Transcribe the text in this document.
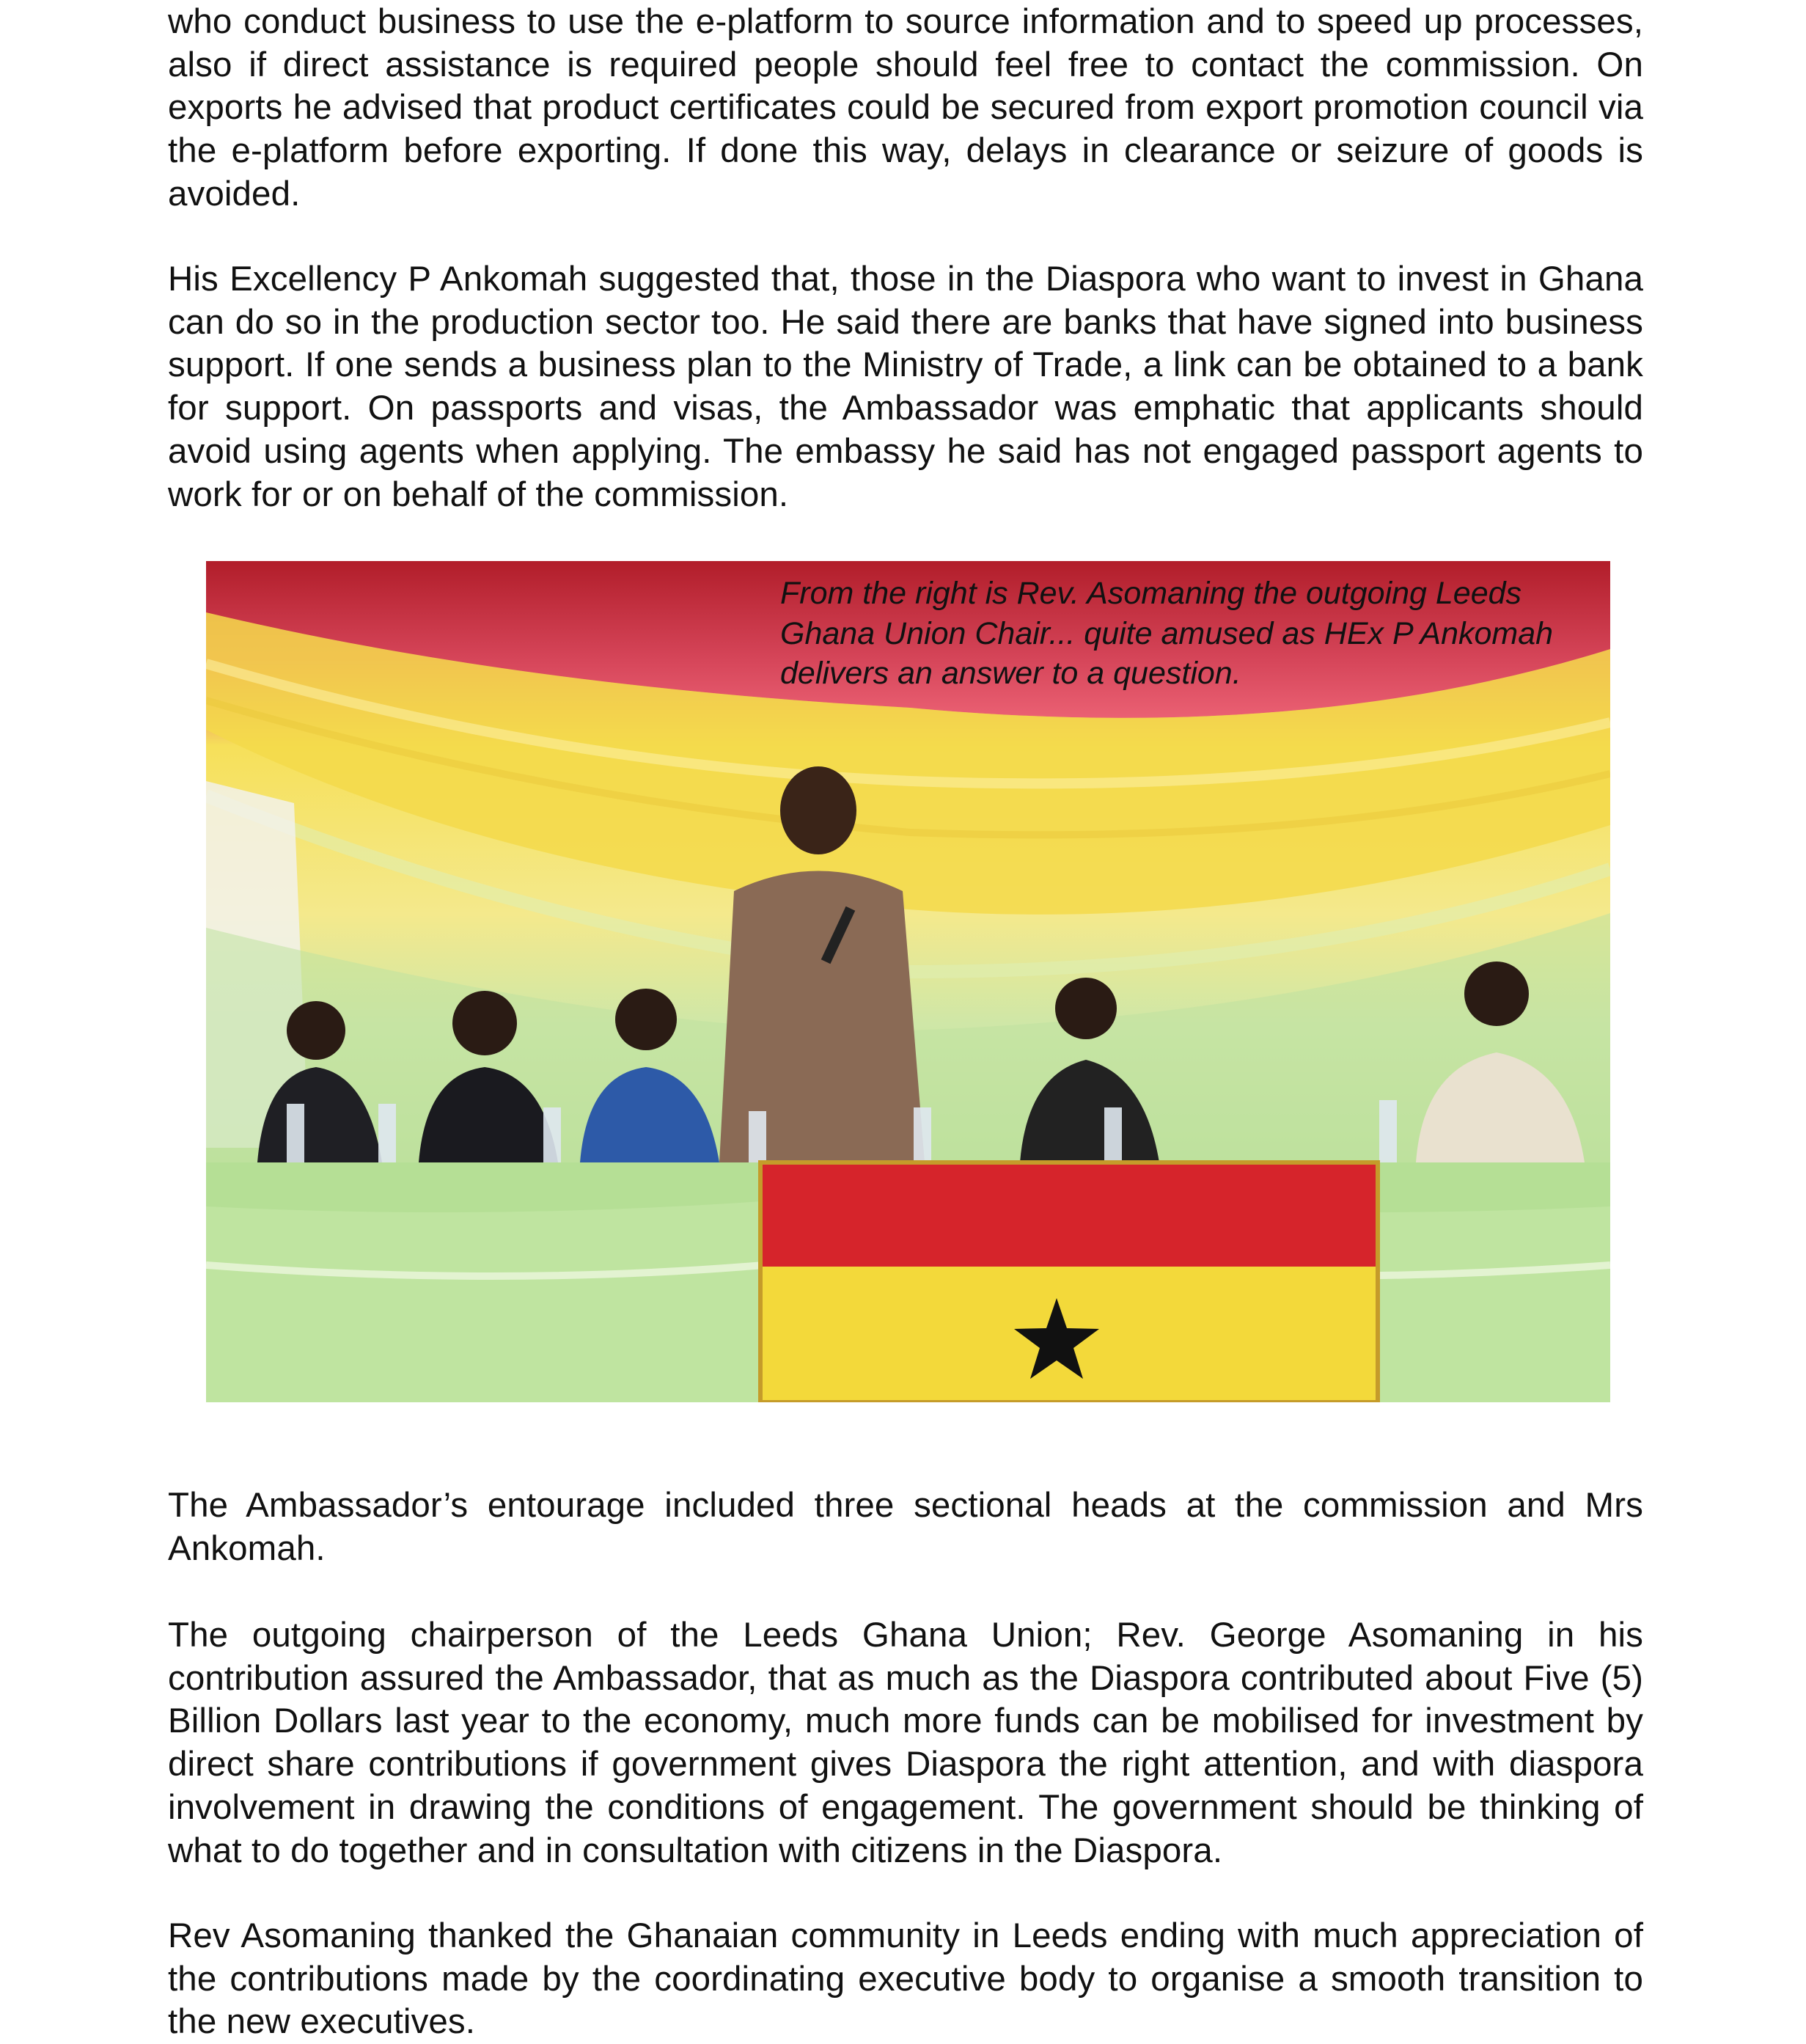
who conduct business to use the e-platform to source information and to speed up processes, also if direct assistance is required people should feel free to contact the commission. On exports he advised that product certificates could be secured from export promotion council via the e-platform before exporting. If done this way, delays in clearance or seizure of goods is avoided.

His Excellency P Ankomah suggested that, those in the Diaspora who want to invest in Ghana can do so in the production sector too. He said there are banks that have signed into business support. If one sends a business plan to the Ministry of Trade, a link can be obtained to a bank for support. On passports and visas, the Ambassador was emphatic that applicants should avoid using agents when applying. The embassy he said has not engaged passport agents to work for or on behalf of the commission.

From the right is Rev. Asomaning the outgoing Leeds Ghana Union Chair... quite amused as HEx P Ankomah delivers an answer to a question.

The Ambassador’s entourage included three sectional heads at the commission and Mrs Ankomah.

The outgoing chairperson of the Leeds Ghana Union; Rev. George Asomaning in his contribution assured the Ambassador, that as much as the Diaspora contributed about Five (5) Billion Dollars last year to the economy, much more funds can be mobilised for investment by direct share contributions if government gives Diaspora the right attention, and with diaspora involvement in drawing the conditions of engagement. The government should be thinking of what to do together and in consultation with citizens in the Diaspora.

Rev Asomaning thanked the Ghanaian community in Leeds ending with much appreciation of the contributions made by the coordinating executive body to organise a smooth transition to the new executives.
